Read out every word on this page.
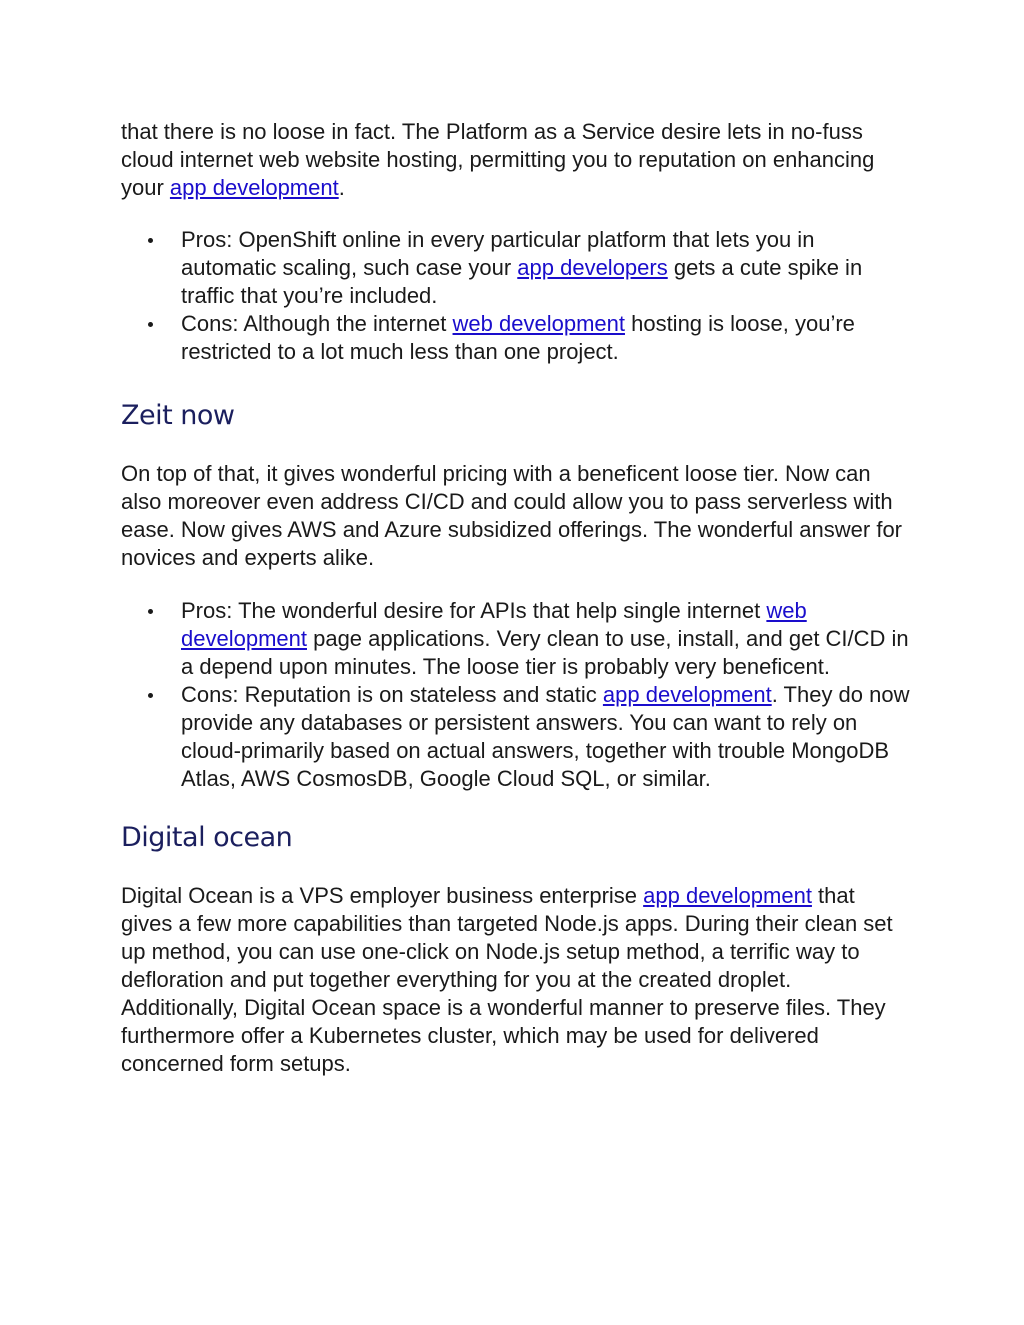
that there is no loose in fact. The Platform as a Service desire lets in no-fuss cloud internet web website hosting, permitting you to reputation on enhancing your app development.

Pros: OpenShift online in every particular platform that lets you in automatic scaling, such case your app developers gets a cute spike in traffic that you’re included.
Cons: Although the internet web development hosting is loose, you’re restricted to a lot much less than one project.
Zeit now

On top of that, it gives wonderful pricing with a beneficent loose tier. Now can also moreover even address CI/CD and could allow you to pass serverless with ease. Now gives AWS and Azure subsidized offerings. The wonderful answer for novices and experts alike.

Pros: The wonderful desire for APIs that help single internet web development page applications. Very clean to use, install, and get CI/CD in a depend upon minutes. The loose tier is probably very beneficent.
Cons: Reputation is on stateless and static app development. They do now provide any databases or persistent answers. You can want to rely on cloud-primarily based on actual answers, together with trouble MongoDB Atlas, AWS CosmosDB, Google Cloud SQL, or similar.
Digital ocean

Digital Ocean is a VPS employer business enterprise app development that gives a few more capabilities than targeted Node.js apps. During their clean set up method, you can use one-click on Node.js setup method, a terrific way to defloration and put together everything for you at the created droplet. Additionally, Digital Ocean space is a wonderful manner to preserve files. They furthermore offer a Kubernetes cluster, which may be used for delivered concerned form setups.
